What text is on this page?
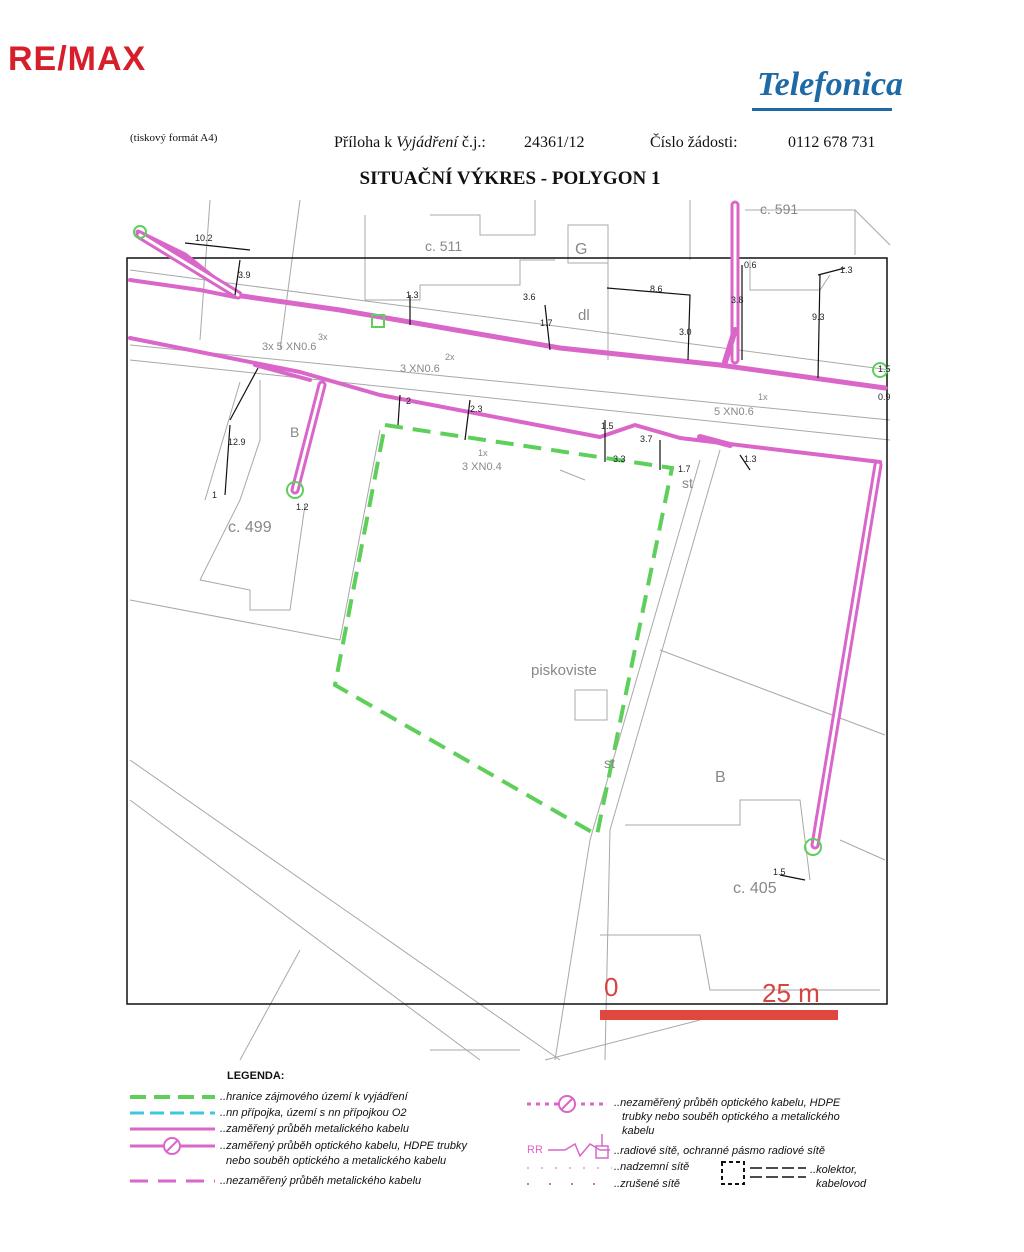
RE/MAX
Telefonica
(tiskový formát A4)	Příloha k Vyjádření č.j.: 24361/12	Číslo žádosti:	0112 678 731
SITUAČNÍ VÝKRES - POLYGON 1
0	25 m
c. 511
c. 591
c. 499
c. 405
G
dl
B
B
st
st
piskoviste
3x
3x 5 XN0.6
2x
3 XN0.6
1x
5 XN0.6
3 XN0.4
1x
10.2
3.9
1.3	3.6
1.7
8.6
3.0
0.6
3.8
1.3
9.3
1.5
12.9
1
1.2
2
2.3
1.5
3.7
3.3
1.7
1.3
1.5
0.9
RR
LEGENDA:
..hranice zájmového území k vyjádření
..nn přípojka, území s nn přípojkou O2
..zaměřený průběh metalického kabelu
..zaměřený průběh optického kabelu, HDPE trubky
nebo souběh optického a metalického kabelu
..nezaměřený průběh metalického kabelu
..nezaměřený průběh optického kabelu, HDPE
trubky nebo souběh optického a metalického
kabelu
..radiové sítě, ochranné pásmo radiové sítě
..nadzemní sítě
..zrušené sítě
..kolektor,
kabelovod
